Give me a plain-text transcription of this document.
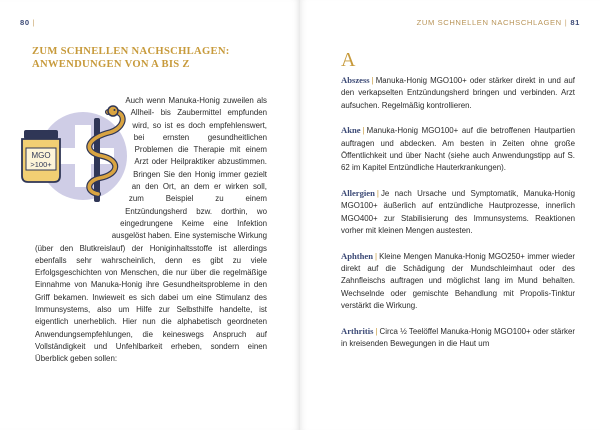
80 |
ZUM SCHNELLEN NACHSCHLAGEN: ANWENDUNGEN VON A BIS Z
MGO
>100+
Auch wenn Manuka-Honig zuweilen als Allheil- bis Zaubermittel empfunden wird, so ist es doch empfehlenswert, bei ernsten gesundheitlichen Problemen die Therapie mit einem Arzt oder Heilpraktiker abzustimmen. Bringen Sie den Honig immer gezielt an den Ort, an dem er wirken soll, zum Beispiel zu einem Entzündungsherd bzw. dorthin, wo eingedrungene Keime eine Infektion ausgelöst haben. Eine systemische Wirkung (über den Blutkreislauf) der Honiginhaltsstoffe ist allerdings ebenfalls sehr wahrscheinlich, denn es gibt zu viele Erfolgsgeschichten von Menschen, die nur über die regelmäßige Einnahme von Manuka-Honig ihre Gesundheitsprobleme in den Griff bekamen. Inwieweit es sich dabei um eine Stimulanz des Immunsystems, also um Hilfe zur Selbsthilfe handelte, ist eigentlich unerheblich. Hier nun die alphabetisch geordneten Anwendungsempfehlungen, die keineswegs Anspruch auf Vollständigkeit und Unfehlbarkeit erheben, sondern einen Überblick geben sollen:
ZUM SCHNELLEN NACHSCHLAGEN | 81
A

Abszess | Manuka-Honig MGO100+ oder stärker direkt in und auf den verkapselten Entzündungsherd bringen und verbinden. Arzt aufsuchen. Regelmäßig kontrollieren.

Akne | Manuka-Honig MGO100+ auf die betroffenen Hautpartien auftragen und abdecken. Am besten in Zeiten ohne große Öffentlichkeit und über Nacht (siehe auch Anwendungstipp auf S. 62 im Kapitel Entzündliche Hauterkrankungen).

Allergien | Je nach Ursache und Symptomatik, Manuka-Honig MGO100+ äußerlich auf entzündliche Hautprozesse, innerlich MGO400+ zur Stabilisierung des Immunsystems. Reaktionen vorher mit kleinen Mengen austesten.

Aphthen | Kleine Mengen Manuka-Honig MGO250+ immer wieder direkt auf die Schädigung der Mundschleimhaut oder des Zahnfleischs auftragen und möglichst lang im Mund behalten. Wechselnde oder gemischte Behandlung mit Propolis-Tinktur verstärkt die Wirkung.

Arthritis | Circa ½ Teelöffel Manuka-Honig MGO100+ oder stärker in kreisenden Bewegungen in die Haut um
